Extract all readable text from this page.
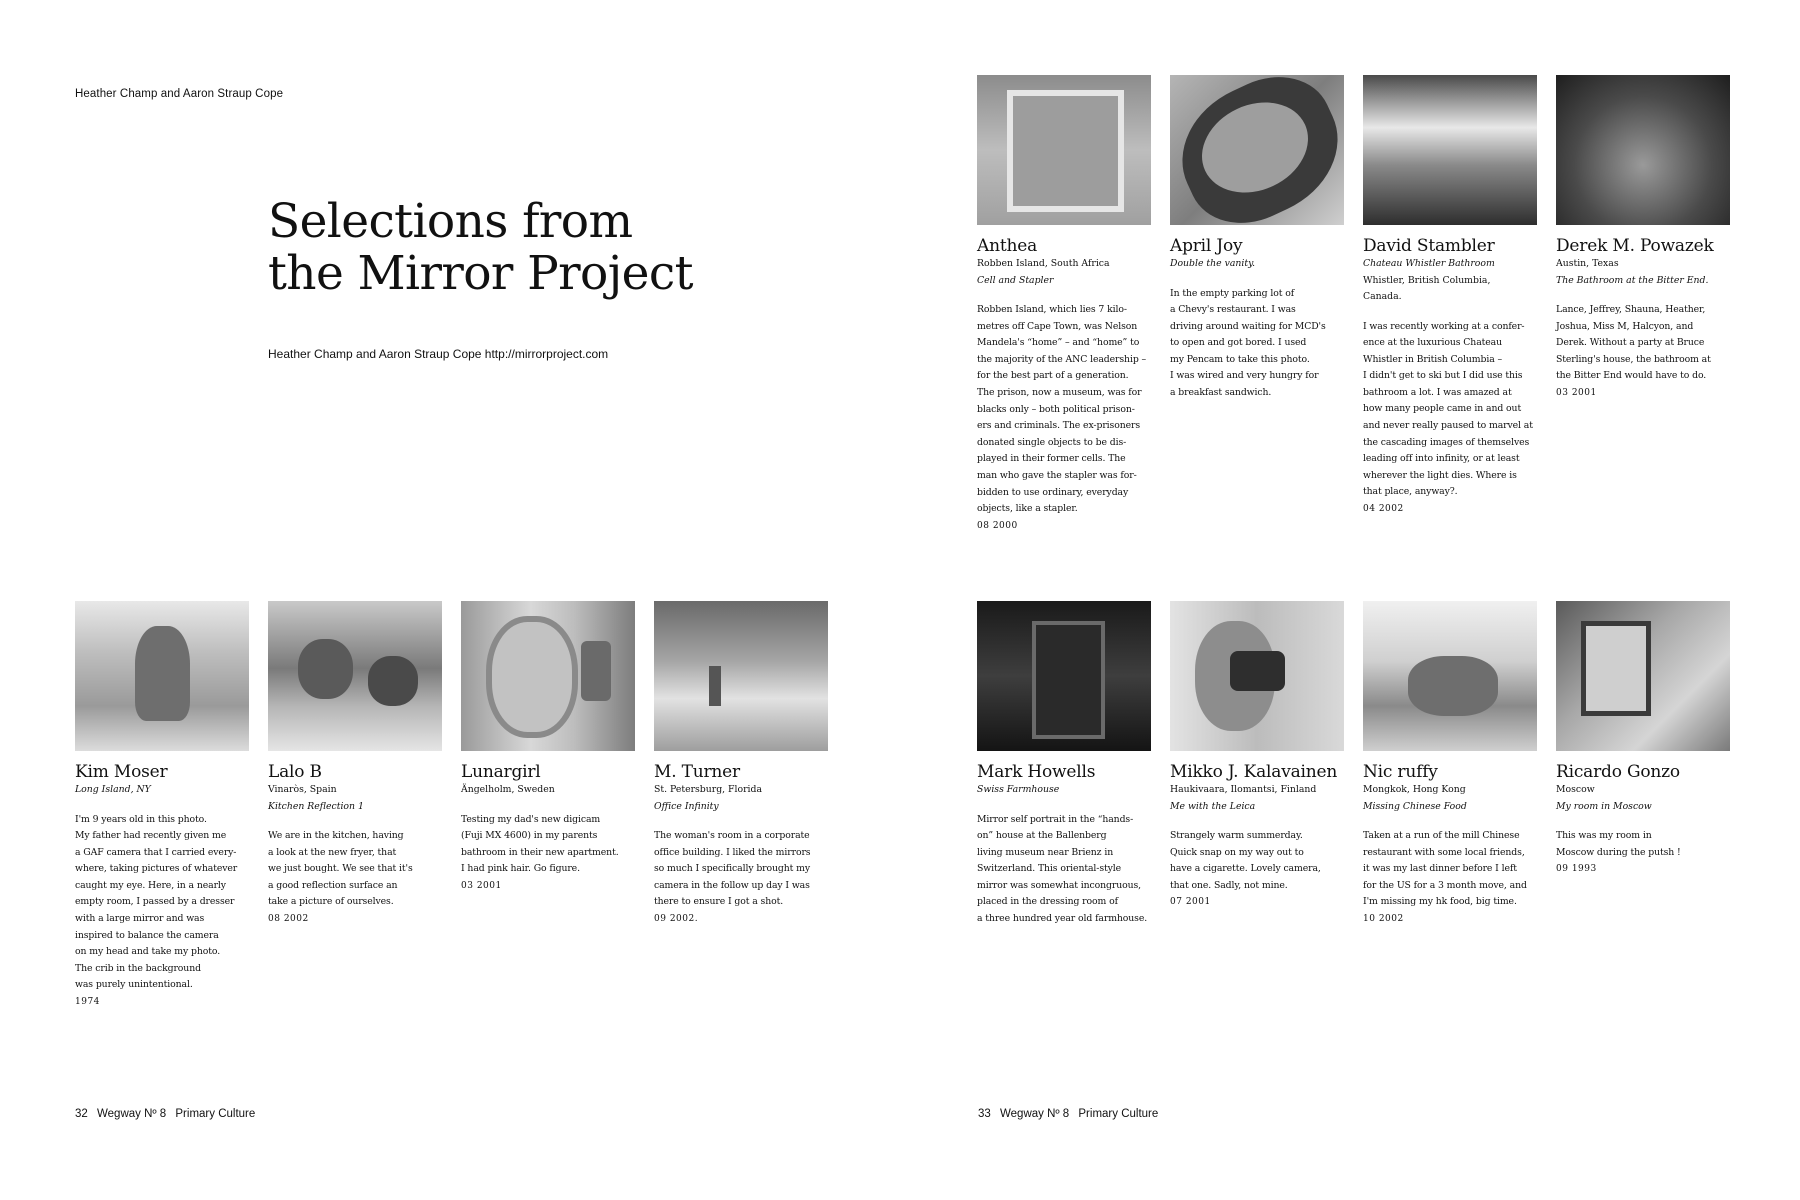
Heather Champ and Aaron Straup Cope
Selections from
the Mirror Project
Heather Champ and Aaron Straup Cope http://mirrorproject.com
Kim Moser
Long Island, NY
I'm 9 years old in this photo.
My father had recently given me
a GAF camera that I carried every-
where, taking pictures of whatever
caught my eye. Here, in a nearly
empty room, I passed by a dresser
with a large mirror and was
inspired to balance the camera
on my head and take my photo.
The crib in the background
was purely unintentional.
1974
Lalo B
Vinaròs, Spain
Kitchen Reflection 1
We are in the kitchen, having
a look at the new fryer, that
we just bought. We see that it's
a good reflection surface an
take a picture of ourselves.
08 2002
Lunargirl
Ängelholm, Sweden
Testing my dad's new digicam
(Fuji MX 4600) in my parents
bathroom in their new apartment.
I had pink hair. Go figure.
03 2001
M. Turner
St. Petersburg, Florida
Office Infinity
The woman's room in a corporate
office building. I liked the mirrors
so much I specifically brought my
camera in the follow up day I was
there to ensure I got a shot.
09 2002.
32 Wegway Nº 8 Primary Culture
Anthea
Robben Island, South Africa
Cell and Stapler
Robben Island, which lies 7 kilo-
metres off Cape Town, was Nelson
Mandela's “home” – and “home” to
the majority of the ANC leadership –
for the best part of a generation.
The prison, now a museum, was for
blacks only – both political prison-
ers and criminals. The ex-prisoners
donated single objects to be dis-
played in their former cells. The
man who gave the stapler was for-
bidden to use ordinary, everyday
objects, like a stapler.
08 2000
April Joy
Double the vanity.
In the empty parking lot of
a Chevy's restaurant. I was
driving around waiting for MCD's
to open and got bored. I used
my Pencam to take this photo.
I was wired and very hungry for
a breakfast sandwich.
David Stambler
Chateau Whistler Bathroom
Whistler, British Columbia,
Canada.
I was recently working at a confer-
ence at the luxurious Chateau
Whistler in British Columbia –
I didn't get to ski but I did use this
bathroom a lot. I was amazed at
how many people came in and out
and never really paused to marvel at
the cascading images of themselves
leading off into infinity, or at least
wherever the light dies. Where is
that place, anyway?.
04 2002
Derek M. Powazek
Austin, Texas
The Bathroom at the Bitter End.
Lance, Jeffrey, Shauna, Heather,
Joshua, Miss M, Halcyon, and
Derek. Without a party at Bruce
Sterling's house, the bathroom at
the Bitter End would have to do.
03 2001
Mark Howells
Swiss Farmhouse
Mirror self portrait in the “hands-
on” house at the Ballenberg
living museum near Brienz in
Switzerland. This oriental-style
mirror was somewhat incongruous,
placed in the dressing room of
a three hundred year old farmhouse.
Mikko J. Kalavainen
Haukivaara, Ilomantsi, Finland
Me with the Leica
Strangely warm summerday.
Quick snap on my way out to
have a cigarette. Lovely camera,
that one. Sadly, not mine.
07 2001
Nic ruffy
Mongkok, Hong Kong
Missing Chinese Food
Taken at a run of the mill Chinese
restaurant with some local friends,
it was my last dinner before I left
for the US for a 3 month move, and
I'm missing my hk food, big time.
10 2002
Ricardo Gonzo
Moscow
My room in Moscow
This was my room in
Moscow during the putsh !
09 1993
33 Wegway Nº 8 Primary Culture
